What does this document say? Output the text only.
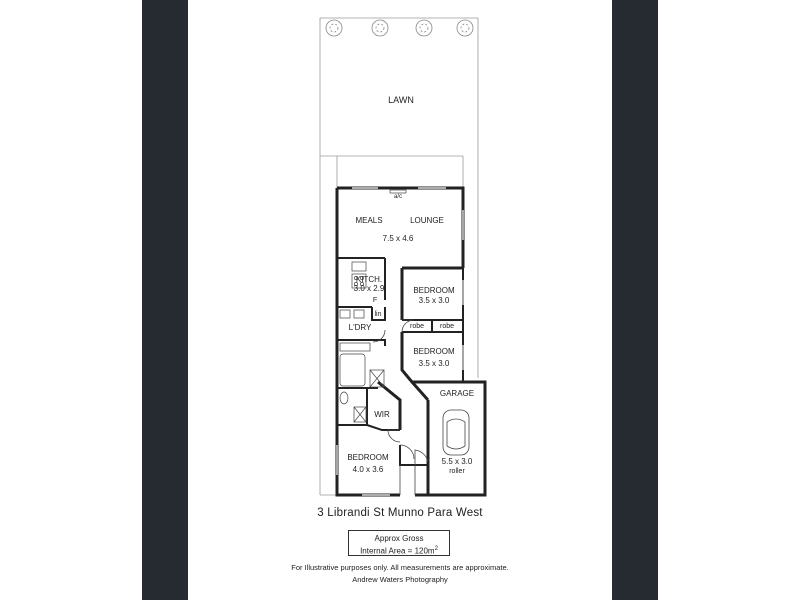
LAWN
a/c
MEALS	LOUNGE
7.5 x 4.6
KITCH.
3.0 x 2.9
F
lin
L'DRY
BEDROOM
3.5 x 3.0
robe robe
BEDROOM
3.5 x 3.0
WIR
GARAGE
5.5 x 3.0
roller
BEDROOM
4.0 x 3.6
3 Librandi St Munno Para West
Approx Gross
Internal Area = $120m^2$
For Illustrative purposes only. All measurements are approximate.
Andrew Waters Photography
